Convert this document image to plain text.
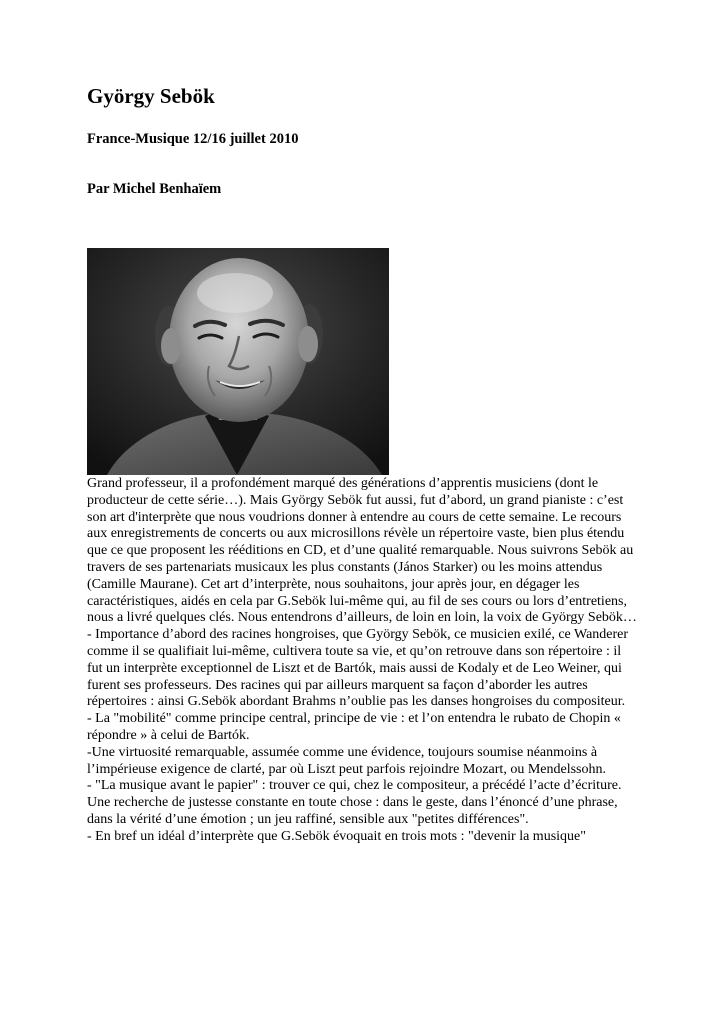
György Sebök
France-Musique 12/16 juillet 2010
Par Michel Benhaïem

Grand professeur, il a profondément marqué des générations d’apprentis musiciens (dont le producteur de cette série…). Mais György Sebök fut aussi, fut d’abord, un grand pianiste : c’est son art d'interprète que nous voudrions donner à entendre au cours de cette semaine. Le recours aux enregistrements de concerts ou aux microsillons révèle un répertoire vaste, bien plus étendu que ce que proposent les rééditions en CD, et d’une qualité remarquable. Nous suivrons Sebök au travers de ses partenariats musicaux les plus constants (János Starker) ou les moins attendus (Camille Maurane). Cet art d’interprète, nous souhaitons, jour après jour, en dégager les caractéristiques, aidés en cela par G.Sebök lui-même qui, au fil de ses cours ou lors d’entretiens, nous a livré quelques clés. Nous entendrons d’ailleurs, de loin en loin, la voix de György Sebök…

- Importance d’abord des racines hongroises, que György Sebök, ce musicien exilé, ce Wanderer comme il se qualifiait lui-même, cultivera toute sa vie, et qu’on retrouve dans son répertoire : il fut un interprète exceptionnel de Liszt et de Bartók, mais aussi de Kodaly et de Leo Weiner, qui furent ses professeurs. Des racines qui par ailleurs marquent sa façon d’aborder les autres répertoires : ainsi G.Sebök abordant Brahms n’oublie pas les danses hongroises du compositeur.

- La "mobilité" comme principe central, principe de vie : et l’on entendra le rubato de Chopin « répondre » à celui de Bartók.

-Une virtuosité remarquable, assumée comme une évidence, toujours soumise néanmoins à l’impérieuse exigence de clarté, par où Liszt peut parfois rejoindre Mozart, ou Mendelssohn.

- "La musique avant le papier" : trouver ce qui, chez le compositeur, a précédé l’acte d’écriture. Une recherche de justesse constante en toute chose : dans le geste, dans l’énoncé d’une phrase, dans la vérité d’une émotion ; un jeu raffiné, sensible aux "petites différences".

- En bref un idéal d’interprète que G.Sebök évoquait en trois mots : "devenir la musique"
